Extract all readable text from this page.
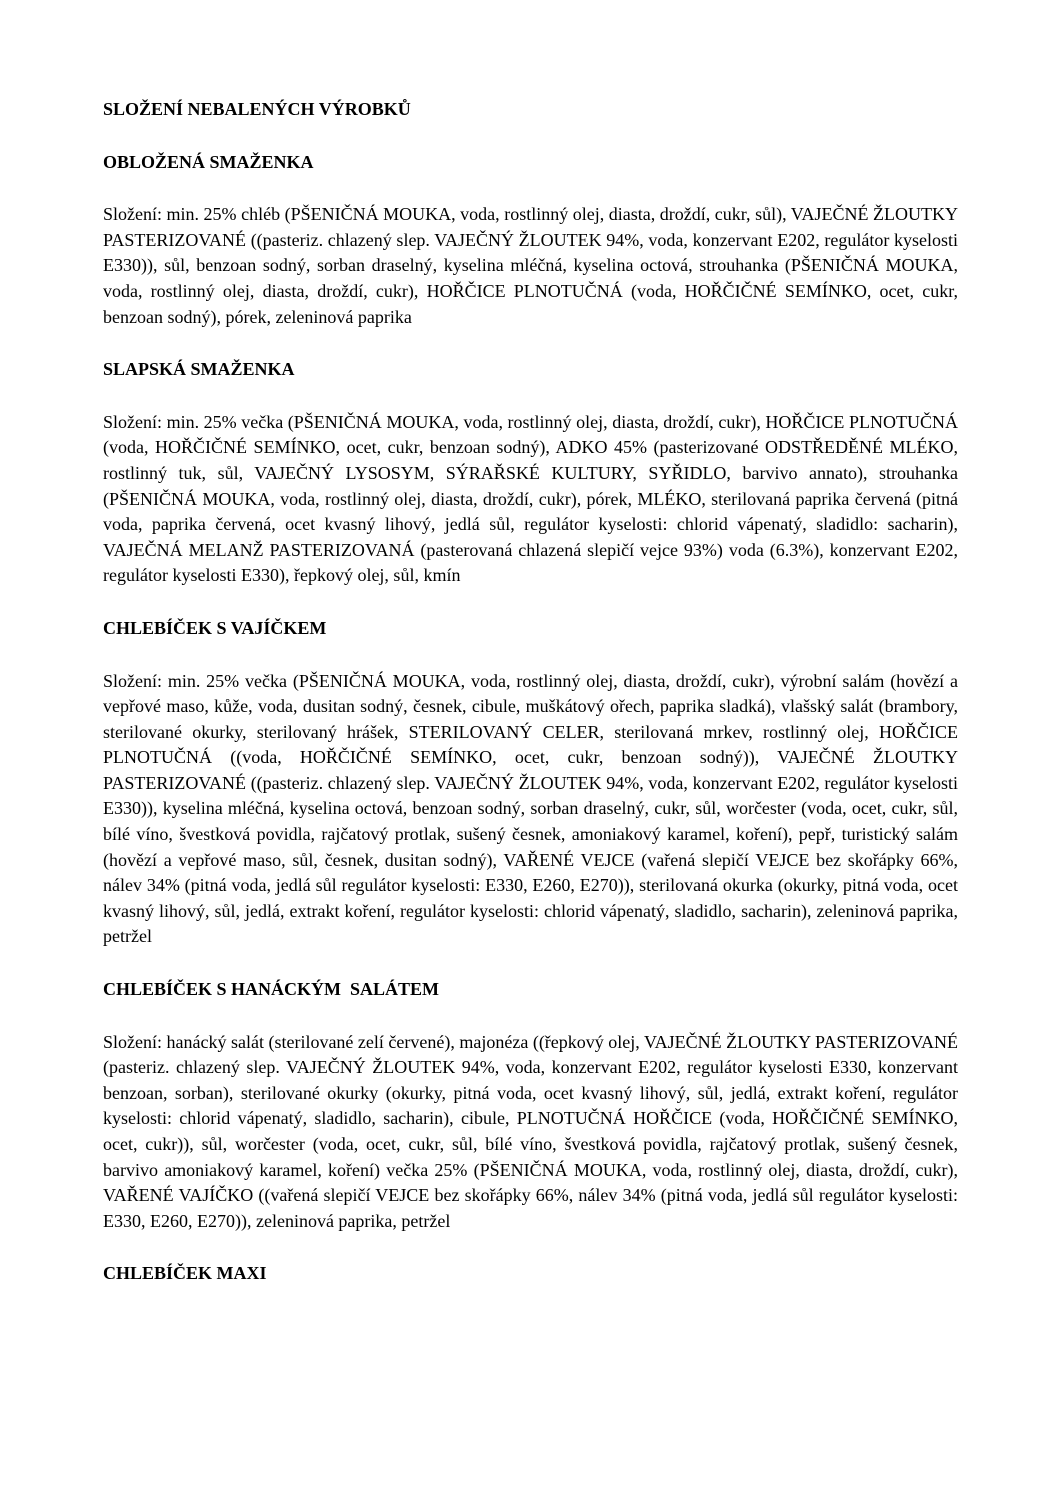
SLOŽENÍ NEBALENÝCH VÝROBKŮ
OBLOŽENÁ SMAŽENKA

Složení: min. 25% chléb (PŠENIČNÁ MOUKA, voda, rostlinný olej, diasta, droždí, cukr, sůl), VAJEČNÉ ŽLOUTKY PASTERIZOVANÉ ((pasteriz. chlazený slep. VAJEČNÝ ŽLOUTEK 94%, voda, konzervant E202, regulátor kyselosti E330)), sůl, benzoan sodný, sorban draselný, kyselina mléčná, kyselina octová, strouhanka (PŠENIČNÁ MOUKA, voda, rostlinný olej, diasta, droždí, cukr), HOŘČICE PLNOTUČNÁ (voda, HOŘČIČNÉ SEMÍNKO, ocet, cukr, benzoan sodný), pórek, zeleninová paprika

SLAPSKÁ SMAŽENKA

Složení: min. 25% večka (PŠENIČNÁ MOUKA, voda, rostlinný olej, diasta, droždí, cukr), HOŘČICE PLNOTUČNÁ (voda, HOŘČIČNÉ SEMÍNKO, ocet, cukr, benzoan sodný), ADKO 45% (pasterizované ODSTŘEDĚNÉ MLÉKO, rostlinný tuk, sůl, VAJEČNÝ LYSOSYM, SÝRAŘSKÉ KULTURY, SYŘIDLO, barvivo annato), strouhanka (PŠENIČNÁ MOUKA, voda, rostlinný olej, diasta, droždí, cukr), pórek, MLÉKO, sterilovaná paprika červená (pitná voda, paprika červená, ocet kvasný lihový, jedlá sůl, regulátor kyselosti: chlorid vápenatý, sladidlo: sacharin), VAJEČNÁ MELANŽ PASTERIZOVANÁ (pasterovaná chlazená slepičí vejce 93%) voda (6.3%), konzervant E202, regulátor kyselosti E330), řepkový olej, sůl, kmín

CHLEBÍČEK S VAJÍČKEM

Složení: min. 25% večka (PŠENIČNÁ MOUKA, voda, rostlinný olej, diasta, droždí, cukr), výrobní salám (hovězí a vepřové maso, kůže, voda, dusitan sodný, česnek, cibule, muškátový ořech, paprika sladká), vlašský salát (brambory, sterilované okurky, sterilovaný hrášek, STERILOVANÝ CELER, sterilovaná mrkev, rostlinný olej, HOŘČICE PLNOTUČNÁ ((voda, HOŘČIČNÉ SEMÍNKO, ocet, cukr, benzoan sodný)), VAJEČNÉ ŽLOUTKY PASTERIZOVANÉ ((pasteriz. chlazený slep. VAJEČNÝ ŽLOUTEK 94%, voda, konzervant E202, regulátor kyselosti E330)), kyselina mléčná, kyselina octová, benzoan sodný, sorban draselný, cukr, sůl, worčester (voda, ocet, cukr, sůl, bílé víno, švestková povidla, rajčatový protlak, sušený česnek, amoniakový karamel, koření), pepř, turistický salám (hovězí a vepřové maso, sůl, česnek, dusitan sodný), VAŘENÉ VEJCE (vařená slepičí VEJCE bez skořápky 66%, nálev 34% (pitná voda, jedlá sůl regulátor kyselosti: E330, E260, E270)), sterilovaná okurka (okurky, pitná voda, ocet kvasný lihový, sůl, jedlá, extrakt koření, regulátor kyselosti: chlorid vápenatý, sladidlo, sacharin), zeleninová paprika, petržel

CHLEBÍČEK S HANÁCKÝM  SALÁTEM

Složení: hanácký salát (sterilované zelí červené), majonéza ((řepkový olej, VAJEČNÉ ŽLOUTKY PASTERIZOVANÉ (pasteriz. chlazený slep. VAJEČNÝ ŽLOUTEK 94%, voda, konzervant E202, regulátor kyselosti E330, konzervant benzoan, sorban), sterilované okurky (okurky, pitná voda, ocet kvasný lihový, sůl, jedlá, extrakt koření, regulátor kyselosti: chlorid vápenatý, sladidlo, sacharin), cibule, PLNOTUČNÁ HOŘČICE (voda, HOŘČIČNÉ SEMÍNKO, ocet, cukr)), sůl, worčester (voda, ocet, cukr, sůl, bílé víno, švestková povidla, rajčatový protlak, sušený česnek, barvivo amoniakový karamel, koření) večka 25% (PŠENIČNÁ MOUKA, voda, rostlinný olej, diasta, droždí, cukr), VAŘENÉ VAJÍČKO ((vařená slepičí VEJCE bez skořápky 66%, nálev 34% (pitná voda, jedlá sůl regulátor kyselosti: E330, E260, E270)), zeleninová paprika, petržel

CHLEBÍČEK MAXI
